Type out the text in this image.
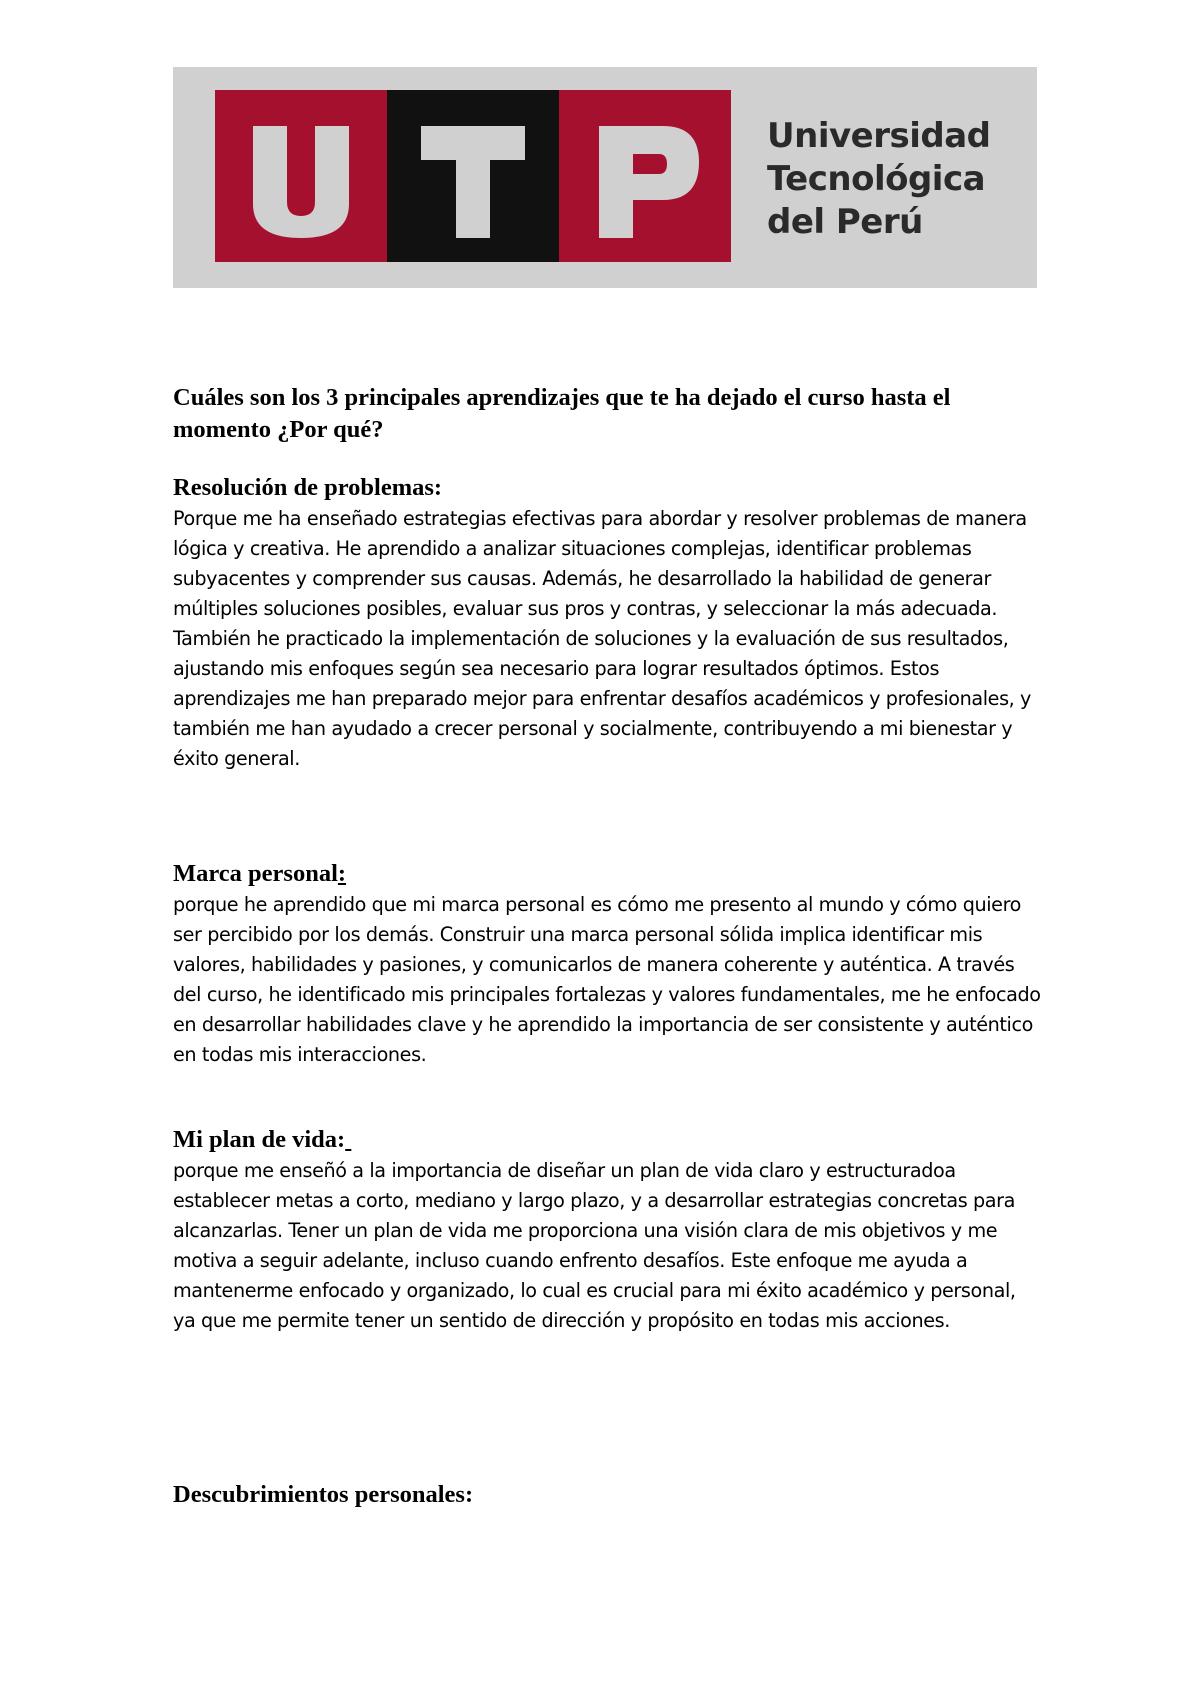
U	T	P
Universidad
Tecnológica
del Perú

Cuáles son los 3 principales aprendizajes que te ha dejado el curso hasta el momento ¿Por qué?

Resolución de problemas:

Porque me ha enseñado estrategias efectivas para abordar y resolver problemas de manera lógica y creativa. He aprendido a analizar situaciones complejas, identificar problemas subyacentes y comprender sus causas. Además, he desarrollado la habilidad de generar múltiples soluciones posibles, evaluar sus pros y contras, y seleccionar la más adecuada. También he practicado la implementación de soluciones y la evaluación de sus resultados, ajustando mis enfoques según sea necesario para lograr resultados óptimos. Estos aprendizajes me han preparado mejor para enfrentar desafíos académicos y profesionales, y también me han ayudado a crecer personal y socialmente, contribuyendo a mi bienestar y éxito general.

Marca personal:

porque he aprendido que mi marca personal es cómo me presento al mundo y cómo quiero ser percibido por los demás. Construir una marca personal sólida implica identificar mis valores, habilidades y pasiones, y comunicarlos de manera coherente y auténtica. A través del curso, he identificado mis principales fortalezas y valores fundamentales, me he enfocado en desarrollar habilidades clave y he aprendido la importancia de ser consistente y auténtico en todas mis interacciones.

Mi plan de vida:

porque me enseñó a la importancia de diseñar un plan de vida claro y estructuradoa establecer metas a corto, mediano y largo plazo, y a desarrollar estrategias concretas para alcanzarlas. Tener un plan de vida me proporciona una visión clara de mis objetivos y me motiva a seguir adelante, incluso cuando enfrento desafíos. Este enfoque me ayuda a mantenerme enfocado y organizado, lo cual es crucial para mi éxito académico y personal, ya que me permite tener un sentido de dirección y propósito en todas mis acciones.

Descubrimientos personales:
